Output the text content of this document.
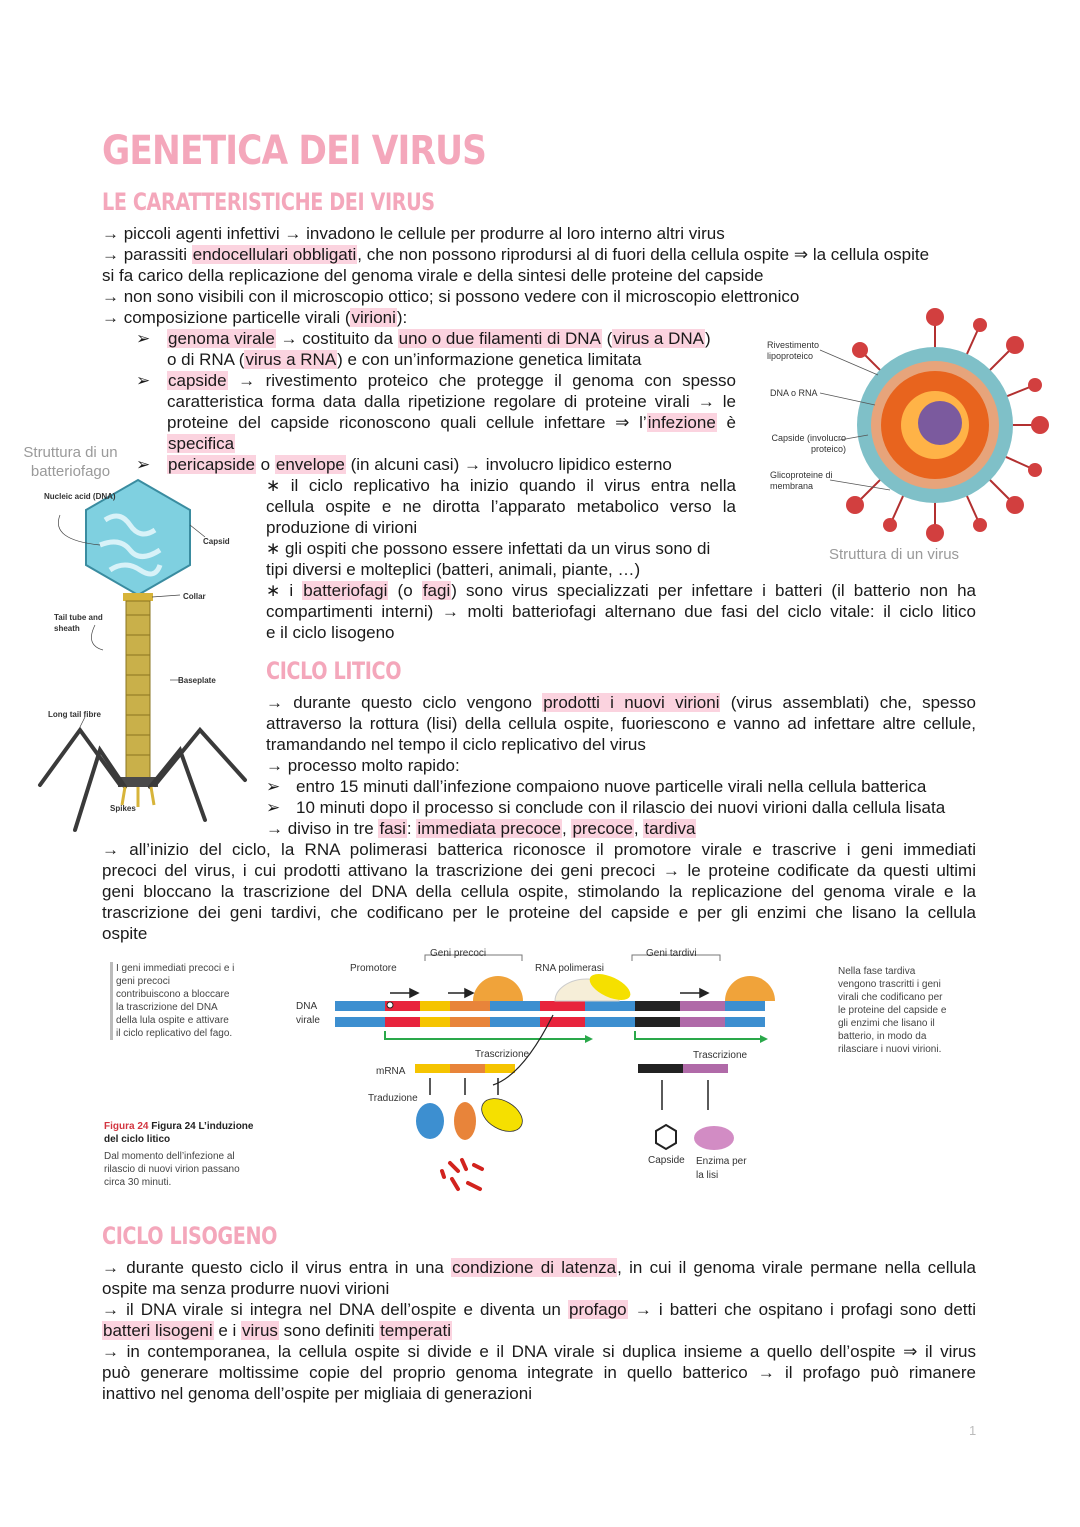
GENETICA DEI VIRUS
LE CARATTERISTICHE DEI VIRUS
→ piccoli agenti infettivi → invadono le cellule per produrre al loro interno altri virus
→ parassiti endocellulari obbligati, che non possono riprodursi al di fuori della cellula ospite ⇒ la cellula ospite
si fa carico della replicazione del genoma virale e della sintesi delle proteine del capside
→ non sono visibili con il microscopio ottico; si possono vedere con il microscopio elettronico
→ composizione particelle virali (virioni):
➢ genoma virale → costituito da uno o due filamenti di DNA (virus a DNA)
o di RNA (virus a RNA) e con un’informazione genetica limitata
➢ capside → rivestimento proteico che protegge il genoma con spesso
caratteristica forma data dalla ripetizione regolare di proteine virali → le
proteine del capside riconoscono quali cellule infettare ⇒ l’infezione è
specifica
➢ pericapside o envelope (in alcuni casi) → involucro lipidico esterno
∗ il ciclo replicativo ha inizio quando il virus entra nella
cellula ospite e ne dirotta l’apparato metabolico verso la
produzione di virioni
∗ gli ospiti che possono essere infettati da un virus sono di
tipi diversi e molteplici (batteri, animali, piante, …)
∗ i batteriofagi (o fagi) sono virus specializzati per infettare i batteri (il batterio non ha
compartimenti interni) → molti batteriofagi alternano due fasi del ciclo vitale: il ciclo litico
e il ciclo lisogeno
Rivestimento lipoproteico
DNA o RNA
Capside (involucro proteico)
Glicoproteine di membrana
Struttura di un virus
Struttura di un batteriofago
Nucleic acid (DNA)
Capsid
Collar
Tail tube and sheath
Baseplate
Long tail fibre
Spikes
CICLO LITICO
→ durante questo ciclo vengono prodotti i nuovi virioni (virus assemblati) che, spesso
attraverso la rottura (lisi) della cellula ospite, fuoriescono e vanno ad infettare altre cellule,
tramandando nel tempo il ciclo replicativo del virus
→ processo molto rapido:
➢ entro 15 minuti dall’infezione compaiono nuove particelle virali nella cellula batterica
➢ 10 minuti dopo il processo si conclude con il rilascio dei nuovi virioni dalla cellula lisata
→ diviso in tre fasi: immediata precoce, precoce, tardiva
→ all’inizio del ciclo, la RNA polimerasi batterica riconosce il promotore virale e trascrive i geni immediati
precoci del virus, i cui prodotti attivano la trascrizione dei geni precoci → le proteine codificate da questi ultimi
geni bloccano la trascrizione del DNA della cellula ospite, stimolando la replicazione del genoma virale e la
trascrizione dei geni tardivi, che codificano per le proteine del capside e per gli enzimi che lisano la cellula
ospite
I geni immediati precoci e i geni precoci contribuiscono a bloccare la trascrizione del DNA della lula ospite e attivare il ciclo replicativo del fago.
Figura 24 Figura 24 L’induzione del ciclo litico
Dal momento dell’infezione al rilascio di nuovi virion passano circa 30 minuti.
Geni precoci	Geni tardivi
Promotore	RNA polimerasi
DNA virale
Trascrizione	Trascrizione
mRNA
Traduzione
Capside Enzima per la lisi
Nella fase tardiva vengono trascritti i geni virali che codificano per le proteine del capside e gli enzimi che lisano il batterio, in modo da rilasciare i nuovi virioni.
CICLO LISOGENO
→ durante questo ciclo il virus entra in una condizione di latenza, in cui il genoma virale permane nella cellula
ospite ma senza produrre nuovi virioni
→ il DNA virale si integra nel DNA dell’ospite e diventa un profago → i batteri che ospitano i profagi sono detti
batteri lisogeni e i virus sono definiti temperati
→ in contemporanea, la cellula ospite si divide e il DNA virale si duplica insieme a quello dell’ospite ⇒ il virus
può generare moltissime copie del proprio genoma integrate in quello batterico → il profago può rimanere
inattivo nel genoma dell’ospite per migliaia di generazioni
1
